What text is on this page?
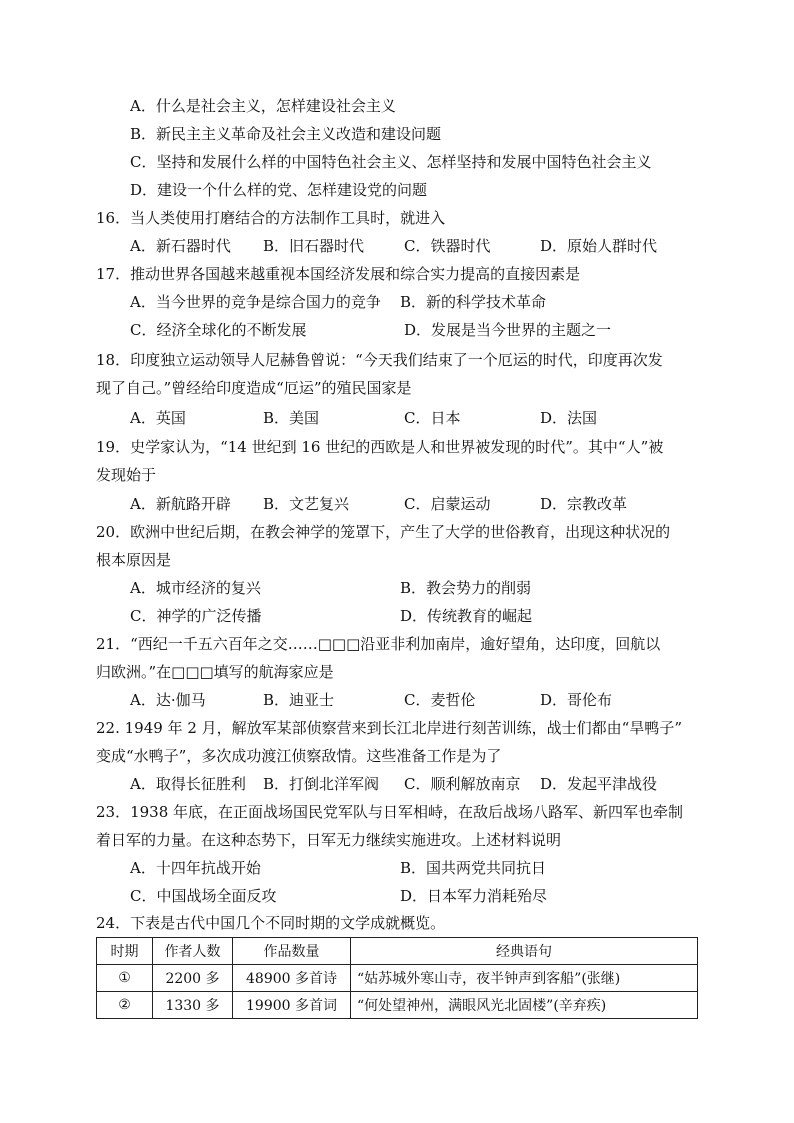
A．什么是社会主义，怎样建设社会主义
B．新民主主义革命及社会主义改造和建设问题
C．坚持和发展什么样的中国特色社会主义、怎样坚持和发展中国特色社会主义
D．建设一个什么样的党、怎样建设党的问题
16．当人类使用打磨结合的方法制作工具时，就进入
A．新石器时代 B．旧石器时代	C．铁器时代	D．原始人群时代
17．推动世界各国越来越重视本国经济发展和综合实力提高的直接因素是
A．当今世界的竞争是综合国力的竞争 B．新的科学技术革命
C．经济全球化的不断发展	D．发展是当今世界的主题之一
18．印度独立运动领导人尼赫鲁曾说：“今天我们结束了一个厄运的时代，印度再次发
现了自己。”曾经给印度造成“厄运”的殖民国家是
A．英国	B．美国	C．日本	D．法国
19．史学家认为，“14 世纪到 16 世纪的西欧是人和世界被发现的时代”。其中“人”被
发现始于
A．新航路开辟 B．文艺复兴	C．启蒙运动	D．宗教改革
20．欧洲中世纪后期，在教会神学的笼罩下，产生了大学的世俗教育，出现这种状况的
根本原因是
A．城市经济的复兴	B．教会势力的削弱
C．神学的广泛传播	D．传统教育的崛起
21．“西纪一千五六百年之交……□□□沿亚非利加南岸，逾好望角，达印度，回航以
归欧洲。”在□□□填写的航海家应是
A．达·伽马	B．迪亚士	C．麦哲伦	D．哥伦布
22. 1949 年 2 月，解放军某部侦察营来到长江北岸进行刻苦训练，战士们都由“旱鸭子”
变成“水鸭子”，多次成功渡江侦察敌情。这些准备工作是为了
A．取得长征胜利 B．打倒北洋军阀 C．顺利解放南京 D．发起平津战役
23．1938 年底，在正面战场国民党军队与日军相峙，在敌后战场八路军、新四军也牵制
着日军的力量。在这种态势下，日军无力继续实施进攻。上述材料说明
A．十四年抗战开始	B．国共两党共同抗日
C．中国战场全面反攻	D．日本军力消耗殆尽
24．下表是古代中国几个不同时期的文学成就概览。
时期	作者人数	作品数量	经典语句
①	2200 多	48900 多首诗	“姑苏城外寒山寺，夜半钟声到客船”(张继)
②	1330 多	19900 多首词	“何处望神州，满眼风光北固楼”(辛弃疾)
